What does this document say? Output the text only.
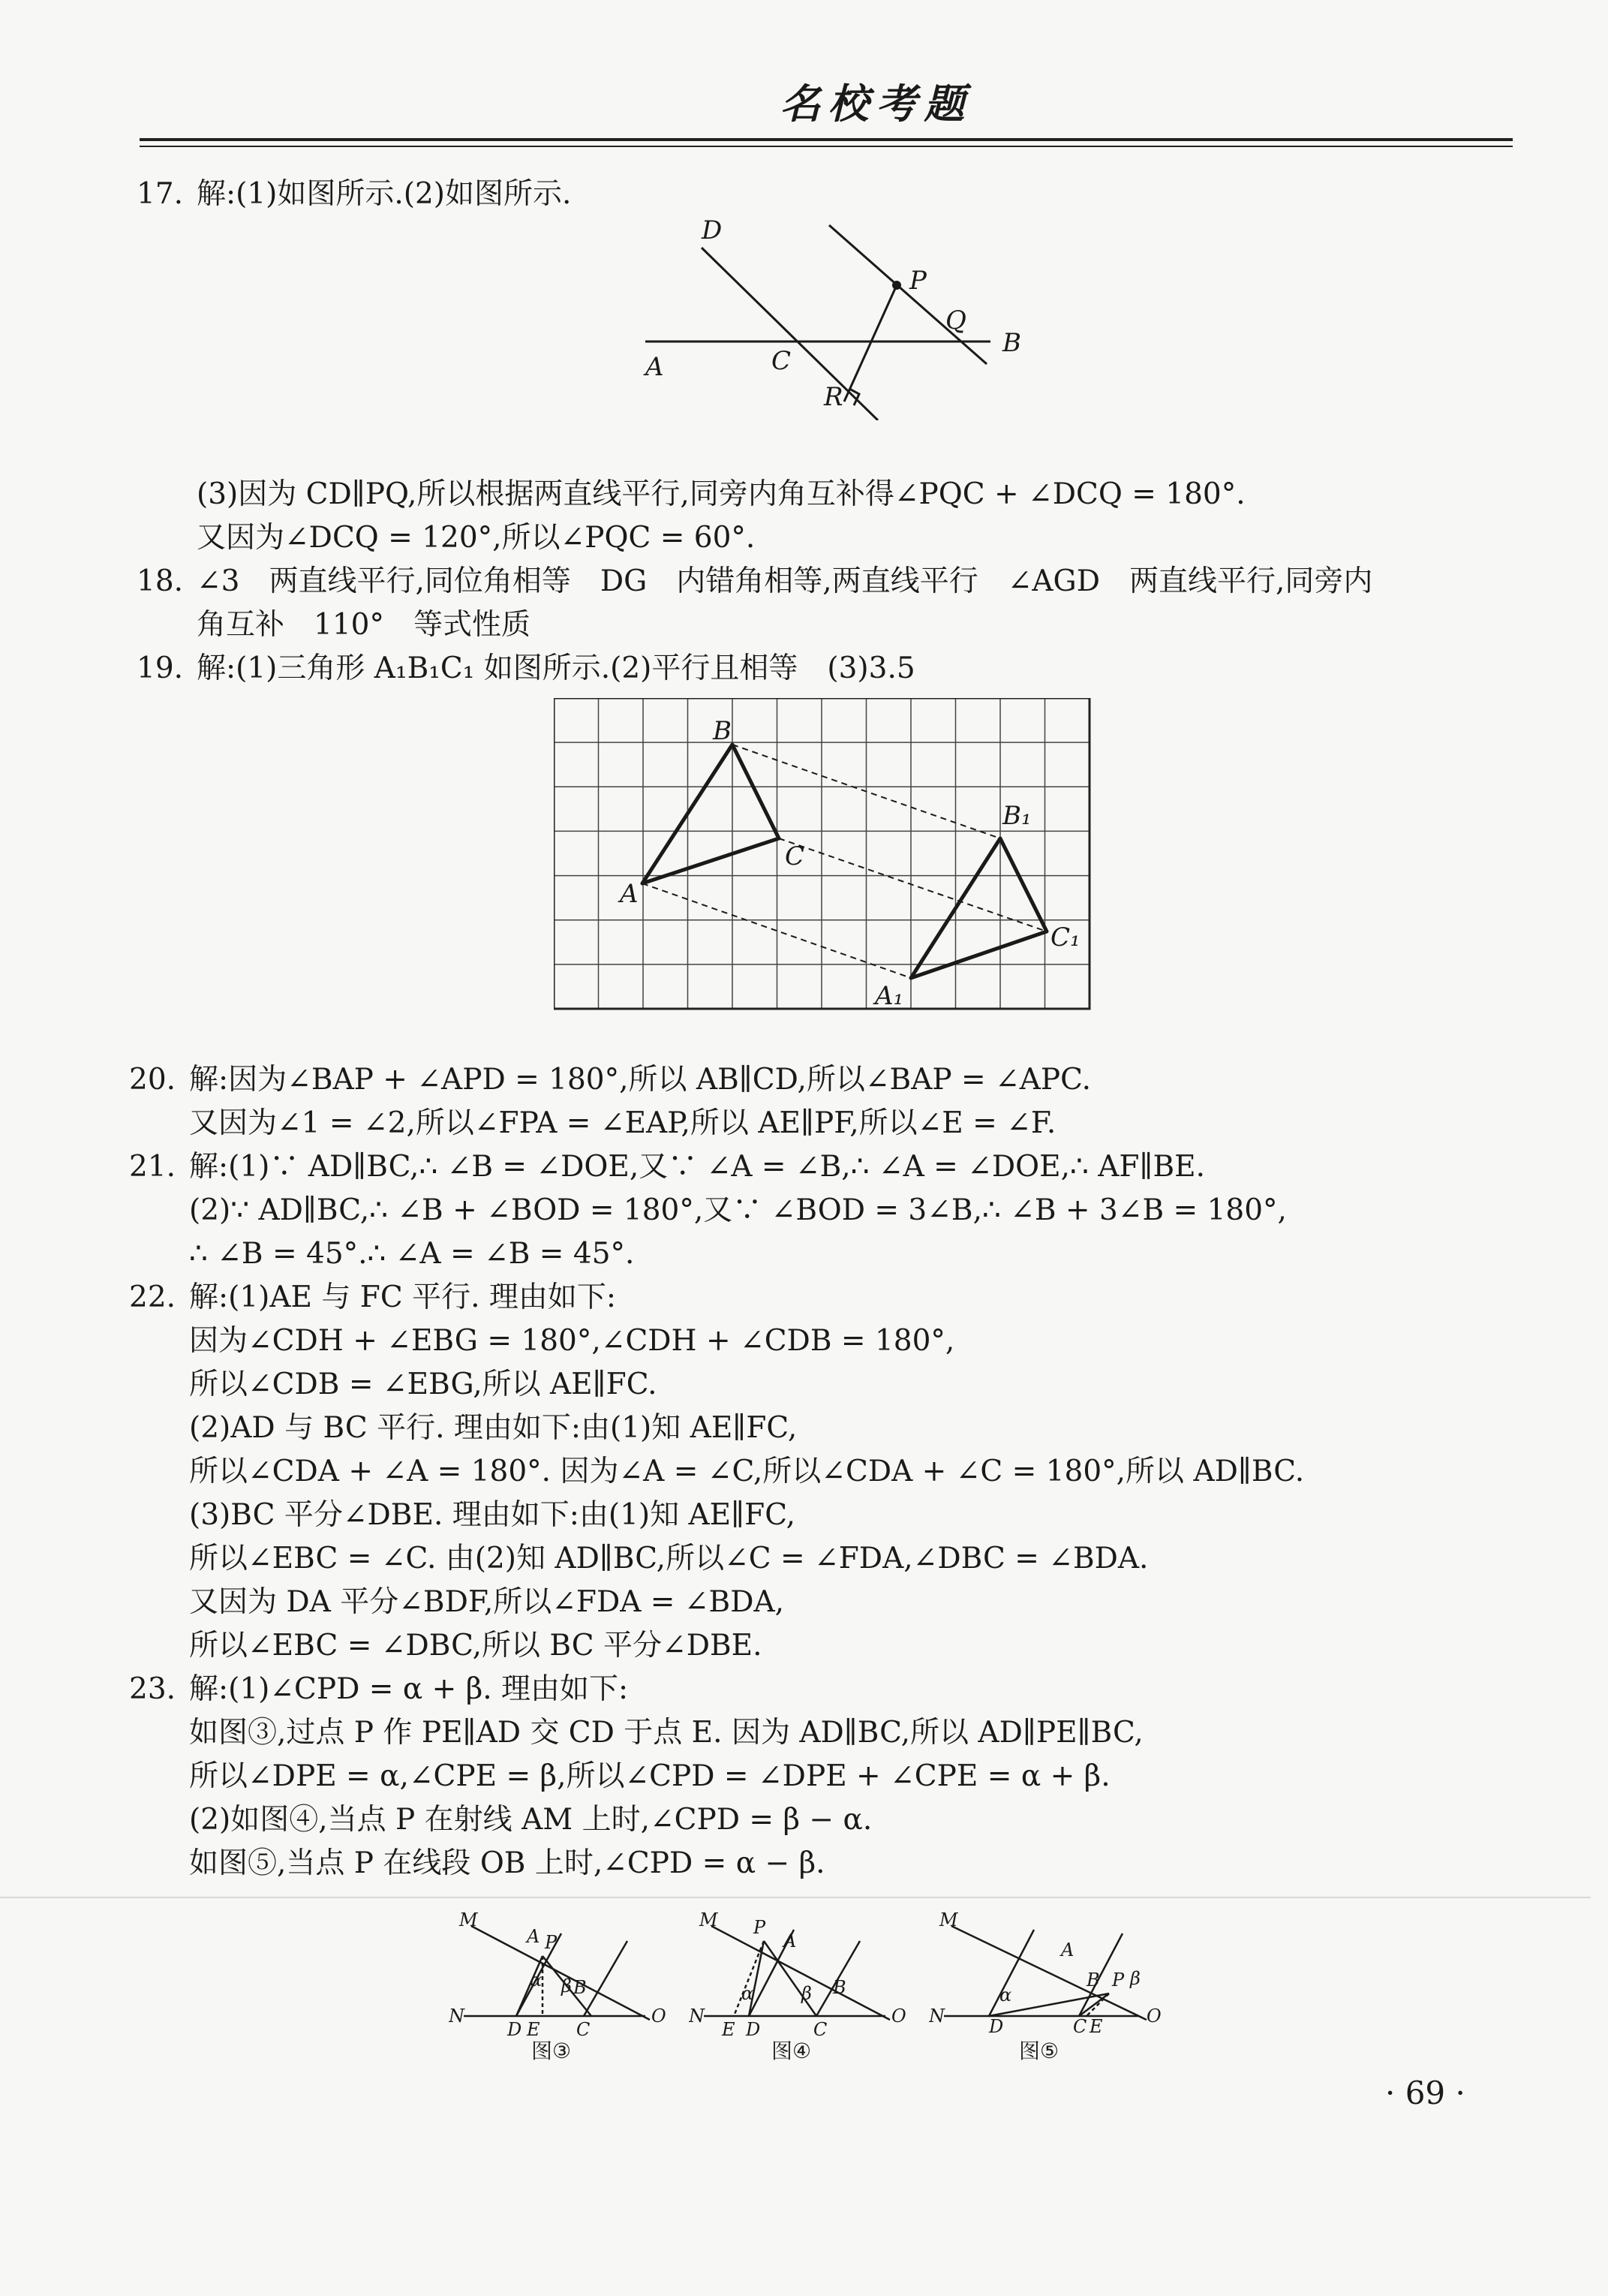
名校考题
17. 解:(1)如图所示.(2)如图所示.
D
P
Q
B
A	C
R
(3)因为 CD∥PQ,所以根据两直线平行,同旁内角互补得∠PQC + ∠DCQ = 180°.
又因为∠DCQ = 120°,所以∠PQC = 60°.
18. ∠3　两直线平行,同位角相等　DG　内错角相等,两直线平行　∠AGD　两直线平行,同旁内
角互补　110°　等式性质
19. 解:(1)三角形 A₁B₁C₁ 如图所示.(2)平行且相等　(3)3.5
B
C
A
B₁
C₁
A₁
20. 解:因为∠BAP + ∠APD = 180°,所以 AB∥CD,所以∠BAP = ∠APC.
又因为∠1 = ∠2,所以∠FPA = ∠EAP,所以 AE∥PF,所以∠E = ∠F.
21. 解:(1)∵ AD∥BC,∴ ∠B = ∠DOE,又∵ ∠A = ∠B,∴ ∠A = ∠DOE,∴ AF∥BE.
(2)∵ AD∥BC,∴ ∠B + ∠BOD = 180°,又∵ ∠BOD = 3∠B,∴ ∠B + 3∠B = 180°,
∴ ∠B = 45°.∴ ∠A = ∠B = 45°.
22. 解:(1)AE 与 FC 平行. 理由如下:
因为∠CDH + ∠EBG = 180°,∠CDH + ∠CDB = 180°,
所以∠CDB = ∠EBG,所以 AE∥FC.
(2)AD 与 BC 平行. 理由如下:由(1)知 AE∥FC,
所以∠CDA + ∠A = 180°. 因为∠A = ∠C,所以∠CDA + ∠C = 180°,所以 AD∥BC.
(3)BC 平分∠DBE. 理由如下:由(1)知 AE∥FC,
所以∠EBC = ∠C. 由(2)知 AD∥BC,所以∠C = ∠FDA,∠DBC = ∠BDA.
又因为 DA 平分∠BDF,所以∠FDA = ∠BDA,
所以∠EBC = ∠DBC,所以 BC 平分∠DBE.
23. 解:(1)∠CPD = α + β. 理由如下:
如图③,过点 P 作 PE∥AD 交 CD 于点 E. 因为 AD∥BC,所以 AD∥PE∥BC,
所以∠DPE = α,∠CPE = β,所以∠CPD = ∠DPE + ∠CPE = α + β.
(2)如图④,当点 P 在射线 AM 上时,∠CPD = β − α.
如图⑤,当点 P 在线段 OB 上时,∠CPD = α − β.
M
A P
α β B
N
D E C
O
图③
M P
A
α	β B
N
E D	C
O
图④
M
A
B P β
α
N D	C E O
图⑤
· 69 ·
